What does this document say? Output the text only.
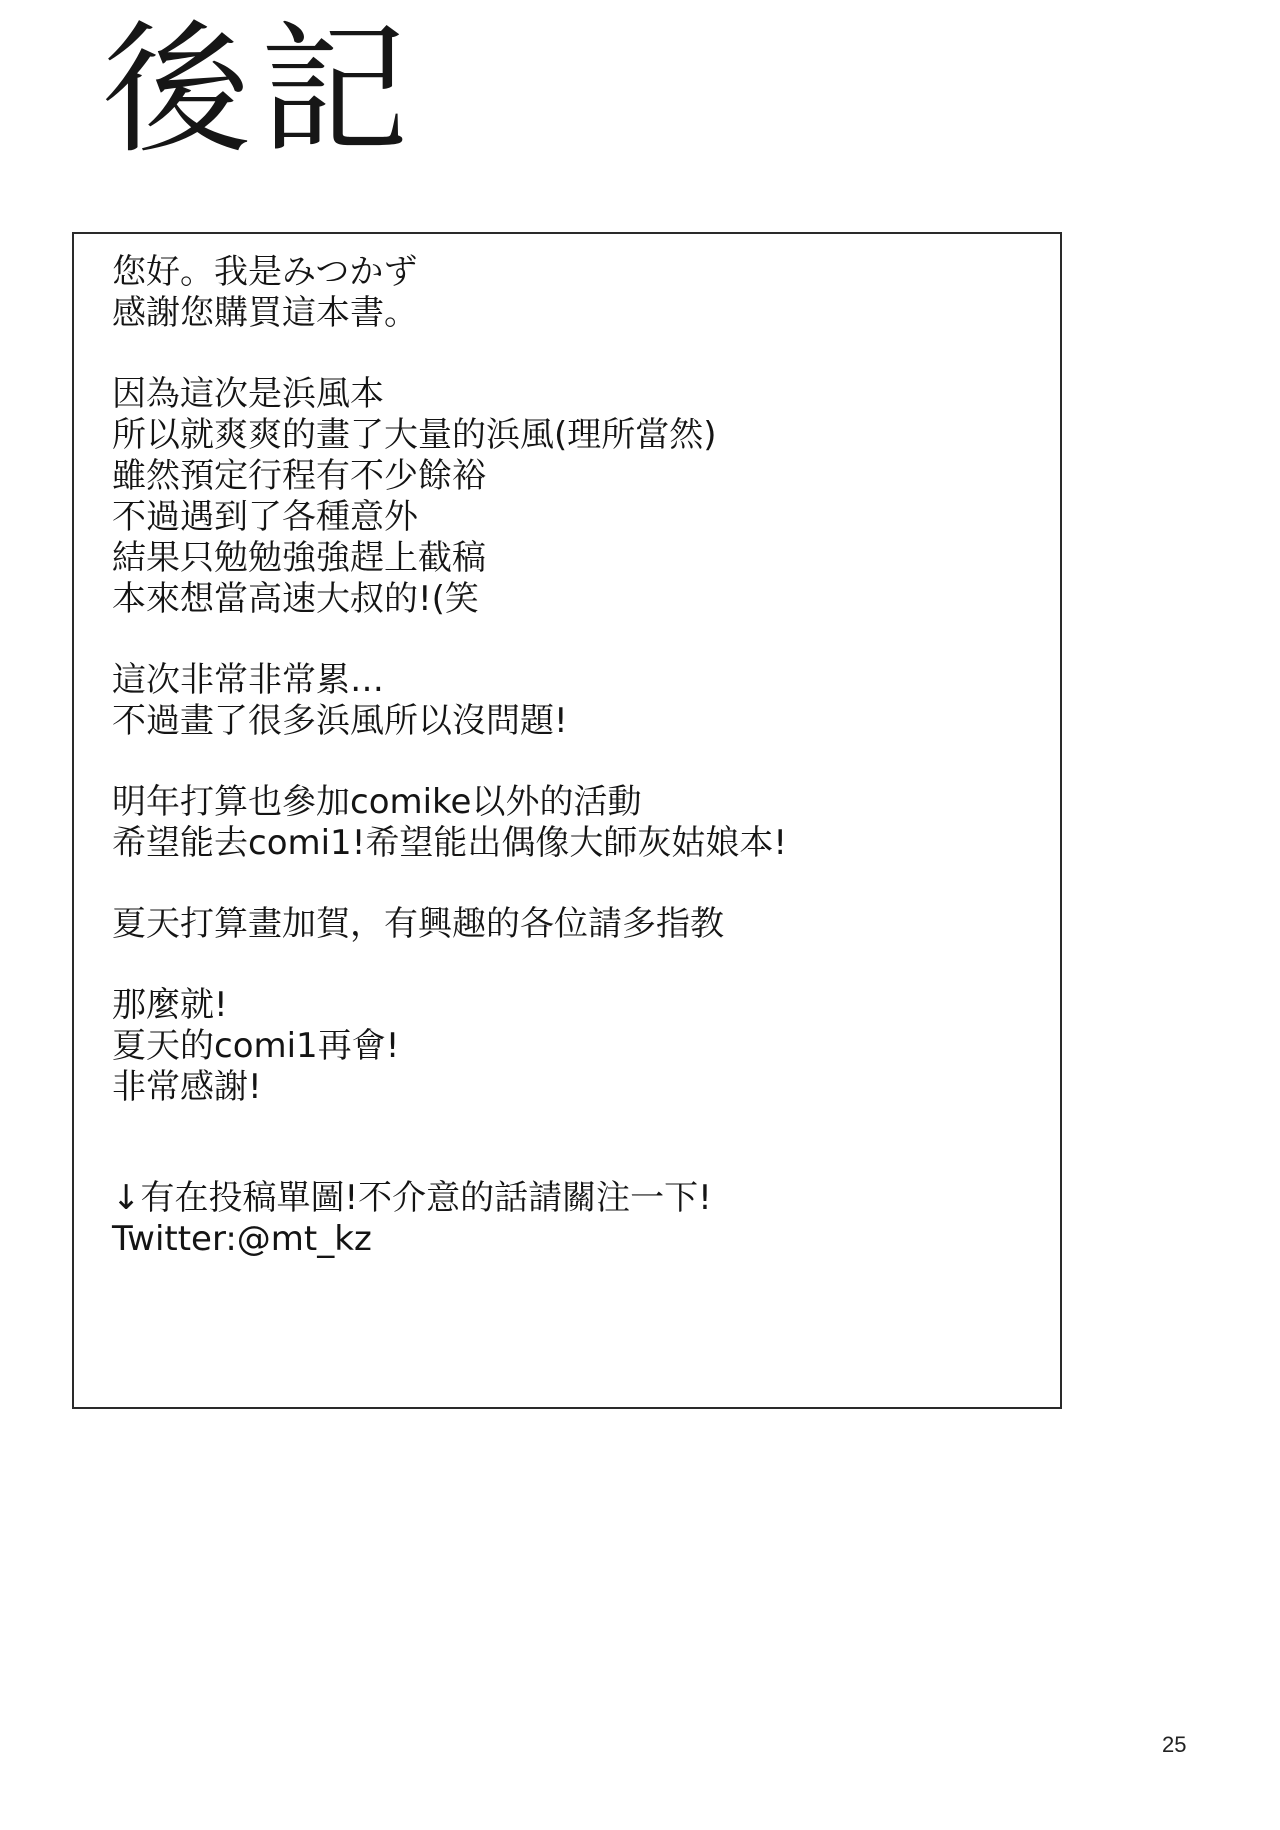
後記
您好。我是みつかず
感謝您購買這本書。
因為這次是浜風本
所以就爽爽的畫了大量的浜風(理所當然)
雖然預定行程有不少餘裕
不過遇到了各種意外
結果只勉勉強強趕上截稿
本來想當高速大叔的!(笑
這次非常非常累…
不過畫了很多浜風所以沒問題!
明年打算也參加comike以外的活動
希望能去comi1!希望能出偶像大師灰姑娘本!
夏天打算畫加賀，有興趣的各位請多指教
那麼就!
夏天的comi1再會!
非常感謝!
↓有在投稿單圖!不介意的話請關注一下!
Twitter:@mt_kz
25
